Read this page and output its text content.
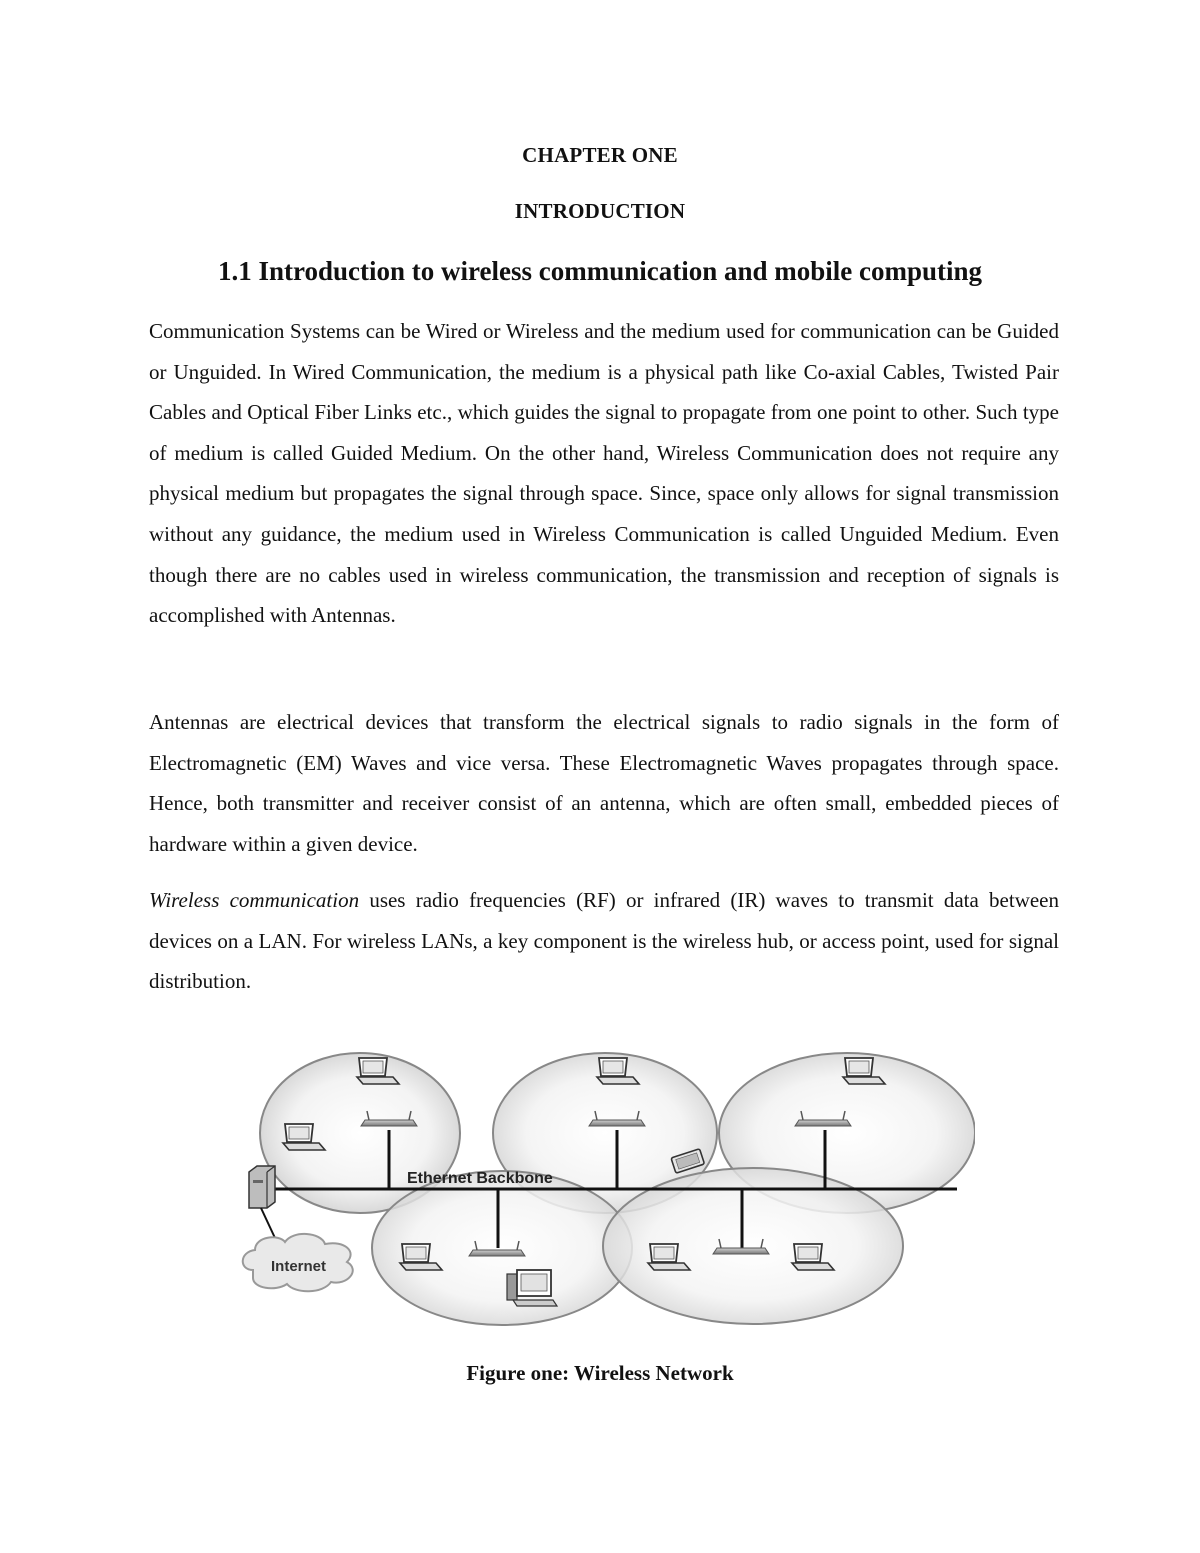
CHAPTER ONE
INTRODUCTION
1.1 Introduction to wireless communication and mobile computing

Communication Systems can be Wired or Wireless and the medium used for communication can be Guided or Unguided. In Wired Communication, the medium is a physical path like Co-axial Cables, Twisted Pair Cables and Optical Fiber Links etc., which guides the signal to propagate from one point to other. Such type of medium is called Guided Medium. On the other hand, Wireless Communication does not require any physical medium but propagates the signal through space. Since, space only allows for signal transmission without any guidance, the medium used in Wireless Communication is called Unguided Medium. Even though there are no cables used in wireless communication, the transmission and reception of signals is accomplished with Antennas.

Antennas are electrical devices that transform the electrical signals to radio signals in the form of Electromagnetic (EM) Waves and vice versa. These Electromagnetic Waves propagates through space. Hence, both transmitter and receiver consist of an antenna, which are often small, embedded pieces of hardware within a given device.

Wireless communication uses radio frequencies (RF) or infrared (IR) waves to transmit data between devices on a LAN. For wireless LANs, a key component is the wireless hub, or access point, used for signal distribution.

Ethernet Backbone
Internet
Figure one: Wireless Network
